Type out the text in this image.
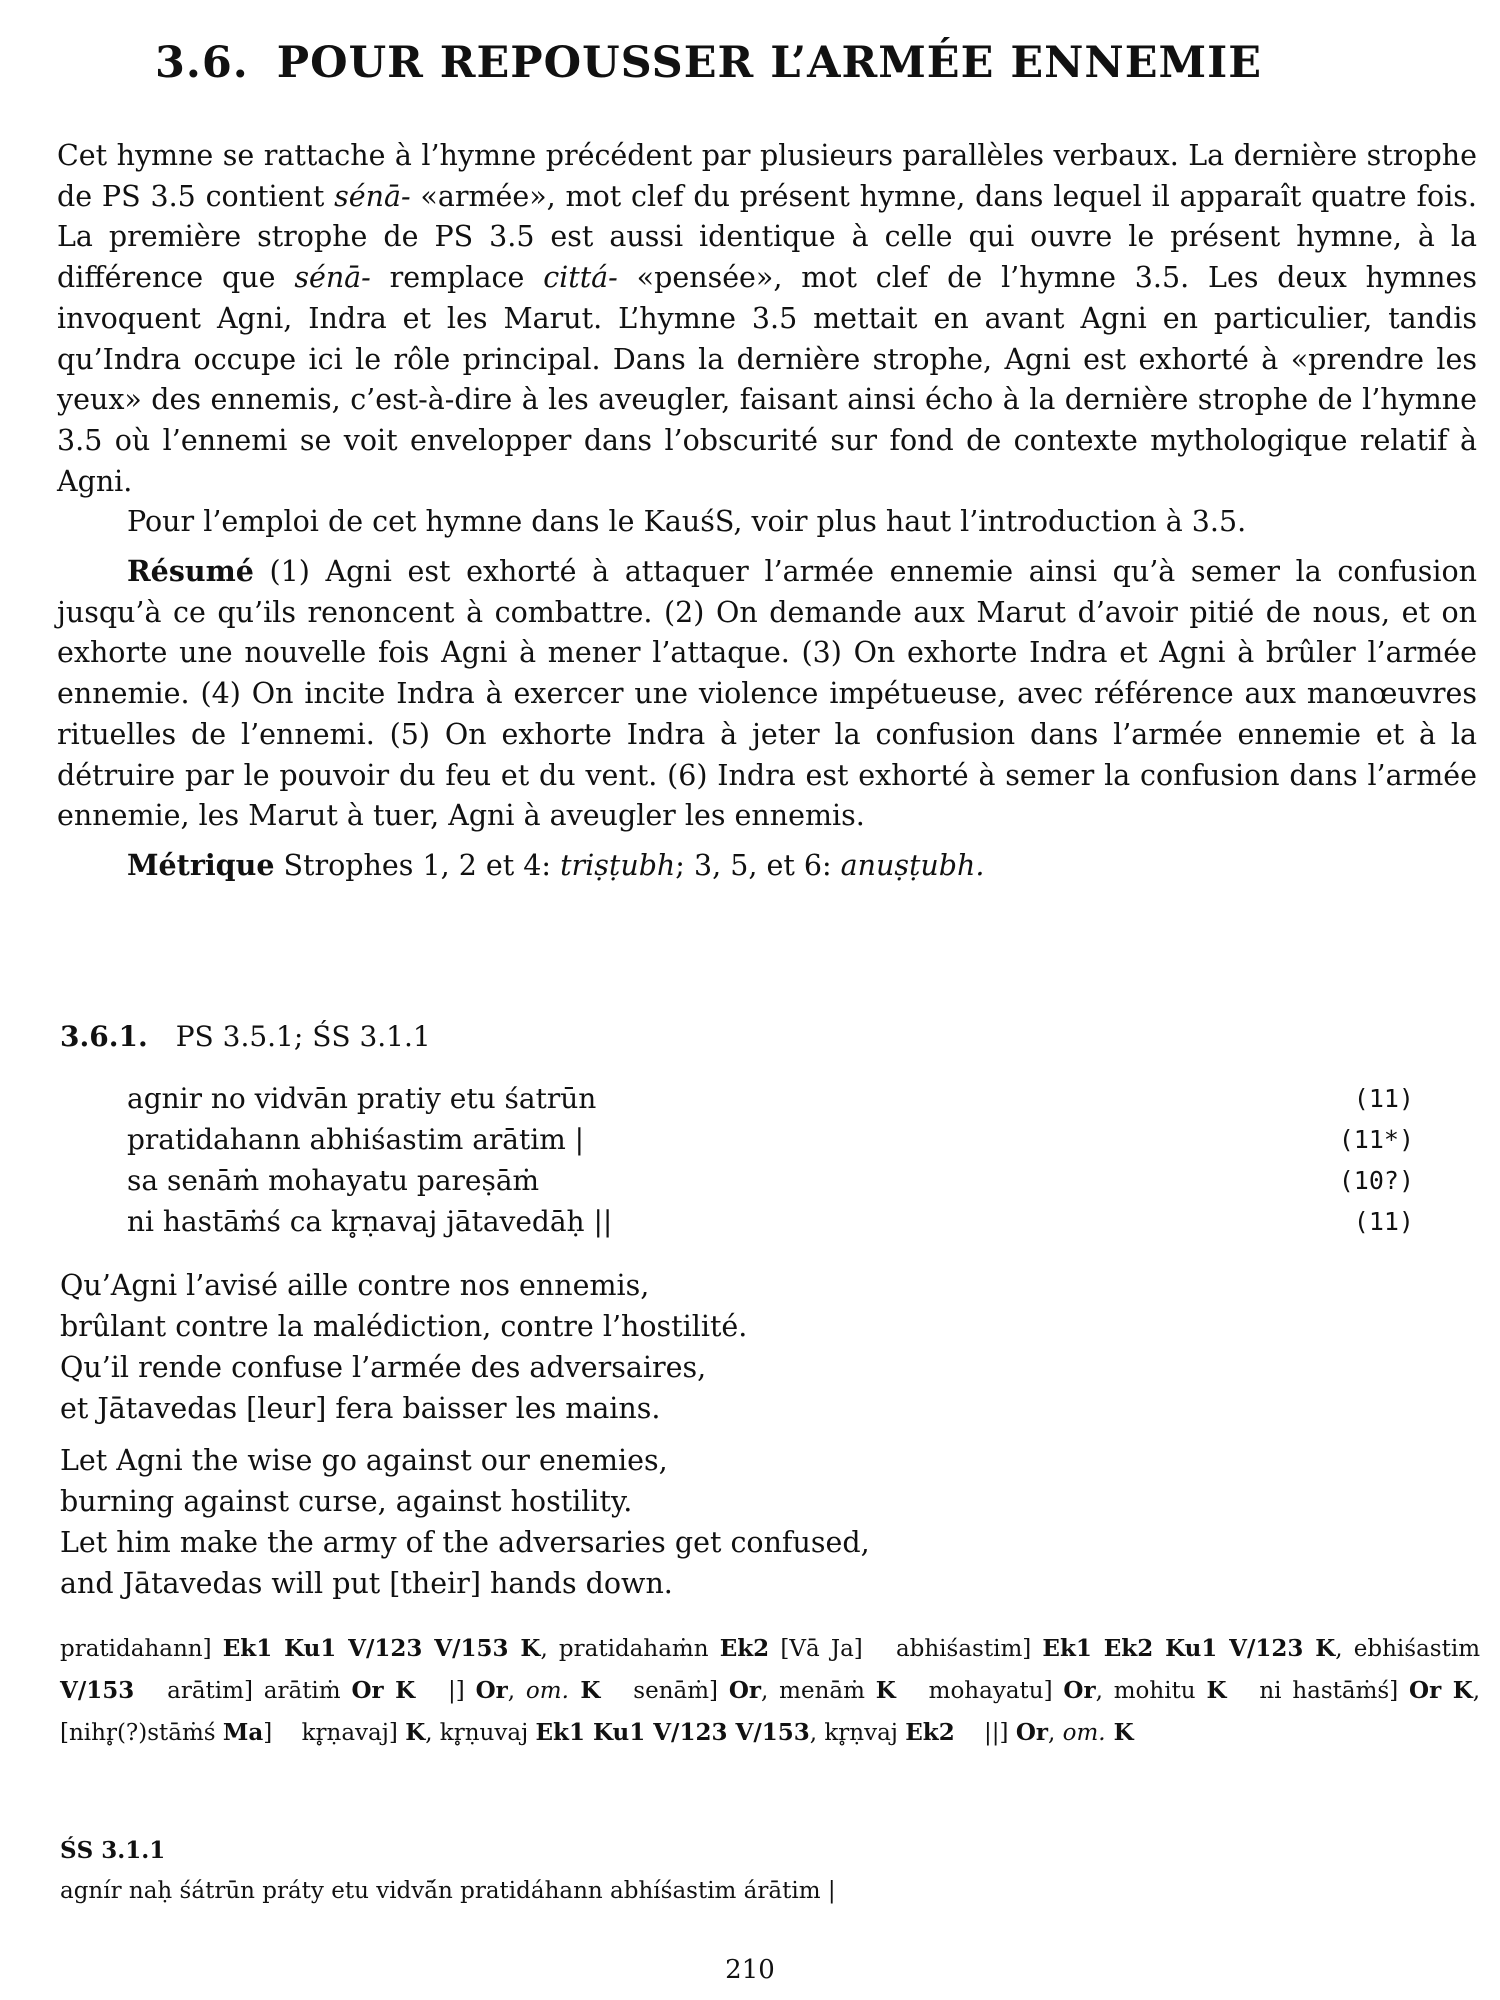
3.6. POUR REPOUSSER L’ARMÉE ENNEMIE

Cet hymne se rattache à l’hymne précédent par plusieurs parallèles verbaux. La dernière strophe de PS 3.5 contient sénā- «armée», mot clef du présent hymne, dans lequel il apparaît quatre fois. La première strophe de PS 3.5 est aussi identique à celle qui ouvre le présent hymne, à la différence que sénā- remplace cittá- «pensée», mot clef de l’hymne 3.5. Les deux hymnes invoquent Agni, Indra et les Marut. L’hymne 3.5 mettait en avant Agni en particulier, tandis qu’Indra occupe ici le rôle principal. Dans la dernière strophe, Agni est exhorté à «prendre les yeux» des ennemis, c’est-à-dire à les aveugler, faisant ainsi écho à la dernière strophe de l’hymne 3.5 où l’ennemi se voit envelopper dans l’obscurité sur fond de contexte mythologique relatif à Agni.

Pour l’emploi de cet hymne dans le KauśS, voir plus haut l’introduction à 3.5.

Résumé (1) Agni est exhorté à attaquer l’armée ennemie ainsi qu’à semer la confusion jusqu’à ce qu’ils renoncent à combattre. (2) On demande aux Marut d’avoir pitié de nous, et on exhorte une nouvelle fois Agni à mener l’attaque. (3) On exhorte Indra et Agni à brûler l’armée ennemie. (4) On incite Indra à exercer une violence impétueuse, avec référence aux manœuvres rituelles de l’ennemi. (5) On exhorte Indra à jeter la confusion dans l’armée ennemie et à la détruire par le pouvoir du feu et du vent. (6) Indra est exhorté à semer la confusion dans l’armée ennemie, les Marut à tuer, Agni à aveugler les ennemis.

Métrique Strophes 1, 2 et 4: triṣṭubh; 3, 5, et 6: anuṣṭubh.

3.6.1. PS 3.5.1; ŚS 3.1.1
agnir no vidvān pratiy etu śatrūn	(11)
pratidahann abhiśastim arātim |	(11*)
sa senāṁ mohayatu pareṣāṁ	(10?)
ni hastāṁś ca kr̥ṇavaj jātavedāḥ ||	(11)
Qu’Agni l’avisé aille contre nos ennemis,
brûlant contre la malédiction, contre l’hostilité.
Qu’il rende confuse l’armée des adversaires,
et Jātavedas [leur] fera baisser les mains.
Let Agni the wise go against our enemies,
burning against curse, against hostility.
Let him make the army of the adversaries get confused,
and Jātavedas will put [their] hands down.
pratidahann] Ek1 Ku1 V/123 V/153 K, pratidahaṁn Ek2 [Vā Ja] abhiśastim] Ek1 Ek2 Ku1 V/123 K, ebhiśastim V/153 arātim] arātiṁ Or K |] Or, om. K senāṁ] Or, menāṁ K mohayatu] Or, mohitu K ni hastāṁś] Or K, [nihr̥(?)stāṁś Ma] kr̥ṇavaj] K, kr̥ṇuvaj Ek1 Ku1 V/123 V/153, kr̥ṇvaj Ek2 ||] Or, om. K
ŚS 3.1.1
agnír naḥ śátrūn práty etu vidvā́n pratidáhann abhíśastim árātim |
210
